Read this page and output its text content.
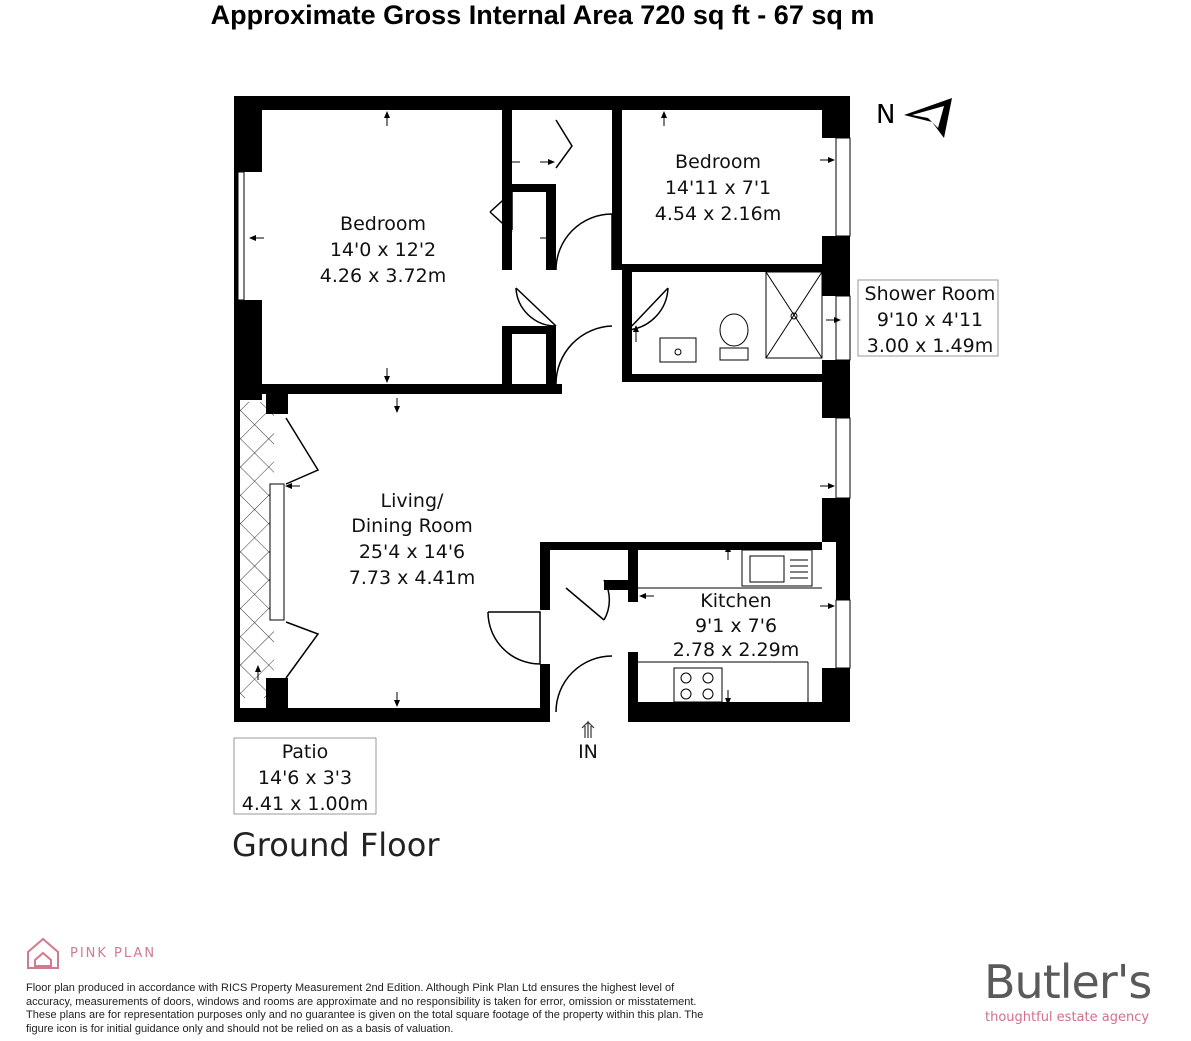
Approximate Gross Internal Area 720 sq ft - 67 sq m
N
Bedroom
14'0 x 12'2
4.26 x 3.72m
Bedroom
14'11 x 7'1
4.54 x 2.16m
Shower Room
9'10 x 4'11
3.00 x 1.49m
Living/
Dining Room
25'4 x 14'6
7.73 x 4.41m
Kitchen
9'1 x 7'6
2.78 x 2.29m
Patio
14'6 x 3'3
4.41 x 1.00m
IN
Ground Floor
PINK PLAN
Floor plan produced in accordance with RICS Property Measurement 2nd Edition. Although Pink Plan Ltd ensures the highest level of accuracy, measurements of doors, windows and rooms are approximate and no responsibility is taken for error, omission or misstatement. These plans are for representation purposes only and no guarantee is given on the total square footage of the property within this plan. The figure icon is for initial guidance only and should not be relied on as a basis of valuation.
Butler's
thoughtful estate agency
